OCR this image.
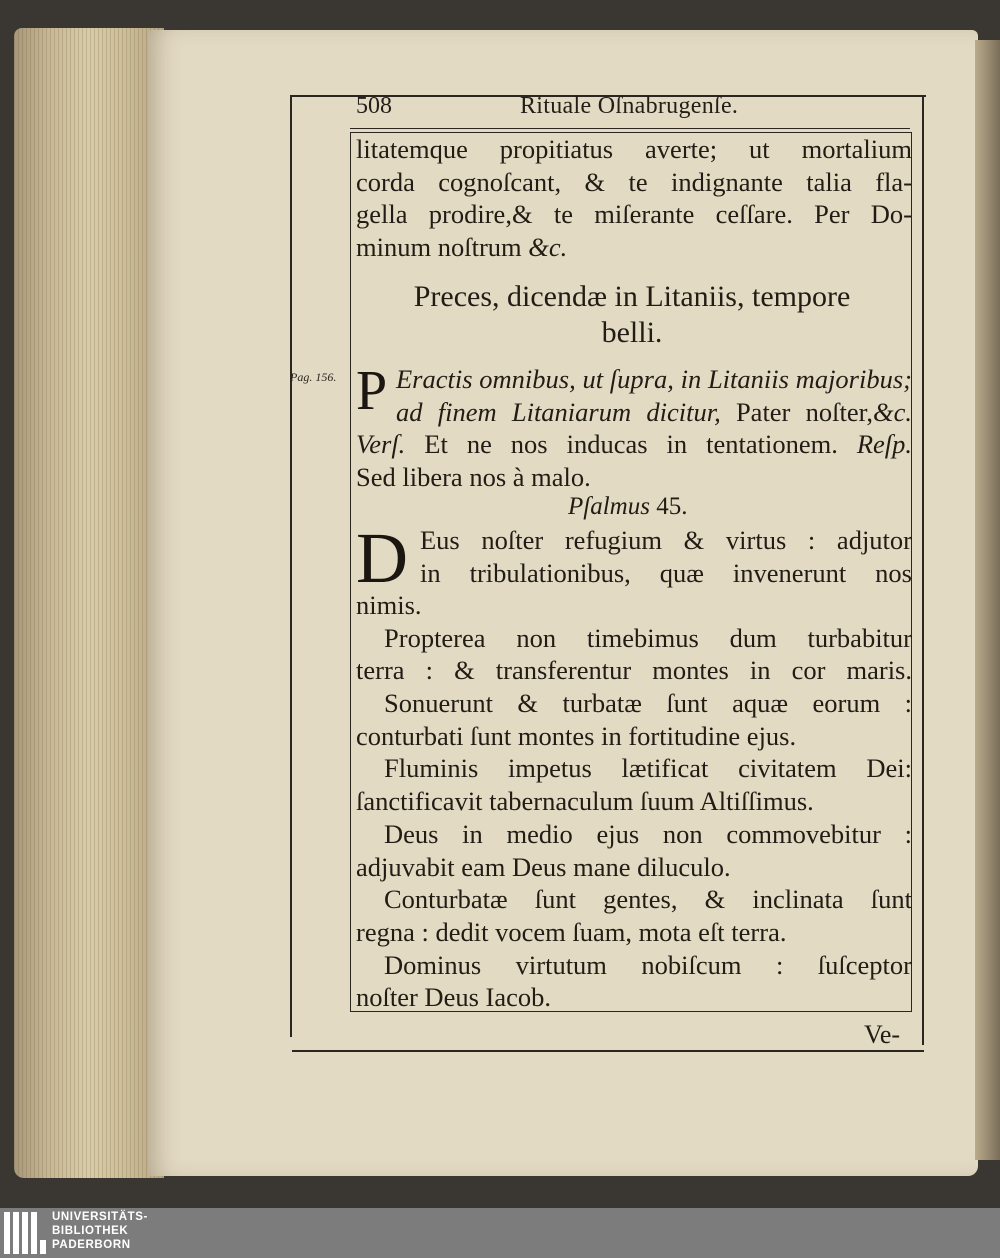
508	Rituale Oſnabrugenſe.
litatemque propitiatus averte; ut mortalium
corda cognoſcant, & te indignante talia fla-
gella prodire,& te miſerante ceſſare. Per Do-
minum noſtrum &c.
Preces, dicendæ in Litaniis, tempore
belli.
Pag. 156. P Eractis omnibus, ut ſupra, in Litaniis majoribus;
ad finem Litaniarum dicitur, Pater noſter,&c.
Verſ. Et ne nos inducas in tentationem. Reſp.
Sed libera nos à malo.
Pſalmus 45.
D Eus noſter refugium & virtus : adjutor
in tribulationibus, quæ invenerunt nos
nimis.
Propterea non timebimus dum turbabitur
terra : & transferentur montes in cor maris.
Sonuerunt & turbatæ ſunt aquæ eorum :
conturbati ſunt montes in fortitudine ejus.
Fluminis impetus lætificat civitatem Dei:
ſanctificavit tabernaculum ſuum Altiſſimus.
Deus in medio ejus non commovebitur :
adjuvabit eam Deus mane diluculo.
Conturbatæ ſunt gentes, & inclinata ſunt
regna : dedit vocem ſuam, mota eſt terra.
Dominus virtutum nobiſcum : ſuſceptor
noſter Deus Iacob.
Ve-
UNIVERSITÄTS-
BIBLIOTHEK
PADERBORN
